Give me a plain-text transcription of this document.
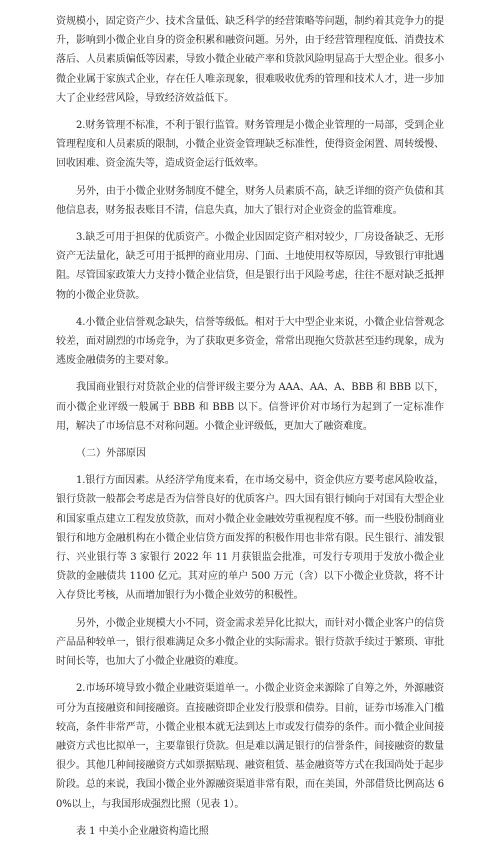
资规模小，固定资产少、技术含量低、缺乏科学的经营策略等问题，制约着其竞争力的提升，影响到小微企业自身的资金积累和融资问题。另外，由于经营管理程度低、消费技术落后、人员素质偏低等因素，导致小微企业破产率和贷款风险明显高于大型企业。很多小微企业属于家族式企业，存在任人唯亲现象，很难吸收优秀的管理和技术人才，进一步加大了企业经营风险，导致经济效益低下。

2.财务管理不标准，不利于银行监管。财务管理是小微企业管理的一局部，受到企业管理程度和人员素质的限制，小微企业资金管理缺乏标准性，使得资金闲置、周转缓慢、回收困难、资金流失等，造成资金运行低效率。

另外，由于小微企业财务制度不健全，财务人员素质不高，缺乏详细的资产负债和其他信息表，财务报表账目不清，信息失真，加大了银行对企业资金的监管难度。

3.缺乏可用于担保的优质资产。小微企业因固定资产相对较少，厂房设备缺乏、无形资产无法量化，缺乏可用于抵押的商业用房、门面、土地使用权等原因，导致银行审批遇阻。尽管国家政策大力支持小微企业信贷，但是银行出于风险考虑，往往不愿对缺乏抵押物的小微企业贷款。

4.小微企业信誉观念缺失，信誉等级低。相对于大中型企业来说，小微企业信誉观念较差，面对剧烈的市场竞争，为了获取更多资金，常常出现拖欠贷款甚至违约现象，成为逃废金融债务的主要对象。

我国商业银行对贷款企业的信誉评级主要分为 AAA、AA、A、BBB 和 BBB 以下，而小微企业评级一般属于 BBB 和 BBB 以下。信誉评价对市场行为起到了一定标准作用，解决了市场信息不对称问题。小微企业评级低，更加大了融资难度。

（二）外部原因

1.银行方面因素。从经济学角度来看，在市场交易中，资金供应方要考虑风险收益，银行贷款一般都会考虑是否为信誉良好的优质客户。四大国有银行倾向于对国有大型企业和国家重点建立工程发放贷款，而对小微企业金融效劳重视程度不够。而一些股份制商业银行和地方金融机构在小微企业信贷方面发挥的积极作用也非常有限。民生银行、浦发银行、兴业银行等 3 家银行 2022 年 11 月获银监会批准，可发行专项用于发放小微企业贷款的金融债共 1100 亿元。其对应的单户 500 万元（含）以下小微企业贷款，将不计入存贷比考核，从而增加银行为小微企业效劳的积极性。

另外，小微企业规模大小不同，资金需求差异化比拟大，而针对小微企业客户的信贷产品品种较单一，银行很难满足众多小微企业的实际需求。银行贷款手续过于繁琐、审批时间长等，也加大了小微企业融资的难度。

2.市场环境导致小微企业融资渠道单一。小微企业资金来源除了自筹之外，外源融资可分为直接融资和间接融资。直接融资即企业发行股票和债券。目前，证券市场准入门槛较高，条件非常严苛，小微企业根本就无法到达上市或发行债券的条件。而小微企业间接融资方式也比拟单一，主要靠银行贷款。但是难以满足银行的信誉条件，间接融资的数量很少。其他几种间接融资方式如票据贴现、融资租赁、基金融资等方式在我国尚处于起步阶段。总的来说，我国小微企业外源融资渠道非常有限，而在美国，外部借贷比例高达 60%以上，与我国形成强烈比照（见表 1）。

表 1 中美小企业融资构造比照
